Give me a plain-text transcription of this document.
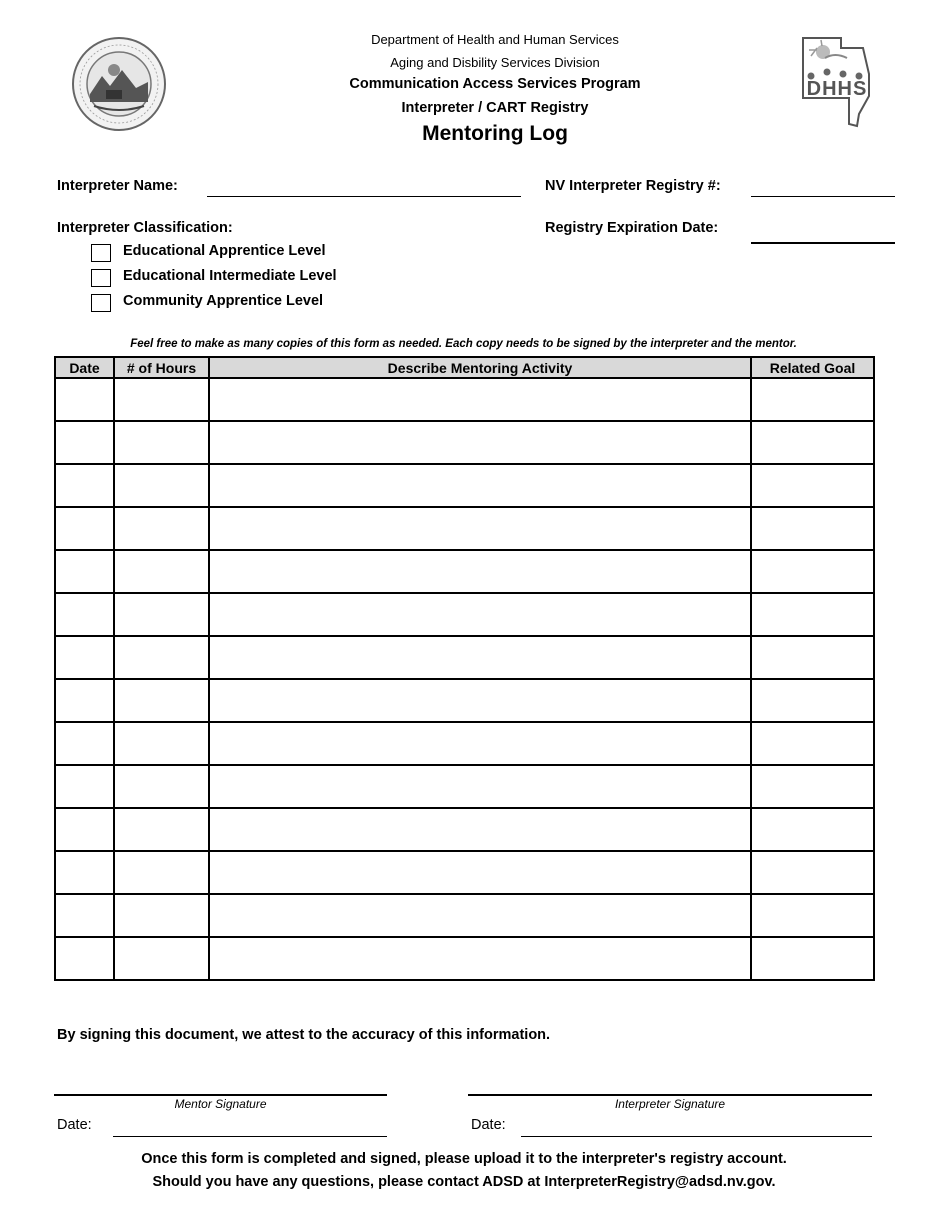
DHHS
Department of Health and Human Services
Aging and Disbility Services Division
Communication Access Services Program
Interpreter / CART Registry
Mentoring Log
Interpreter Name:	NV Interpreter Registry #:
Interpreter Classification:	Registry Expiration Date:
Educational Apprentice Level
Educational Intermediate Level
Community Apprentice Level
Feel free to make as many copies of this form as needed. Each copy needs to be signed by the interpreter and the mentor.
Date	# of Hours	Describe Mentoring Activity	Related Goal

By signing this document, we attest to the accuracy of this information.
Mentor Signature	Interpreter Signature
Date:	Date:
Once this form is completed and signed, please upload it to the interpreter's registry account.
Should you have any questions, please contact ADSD at InterpreterRegistry@adsd.nv.gov.
